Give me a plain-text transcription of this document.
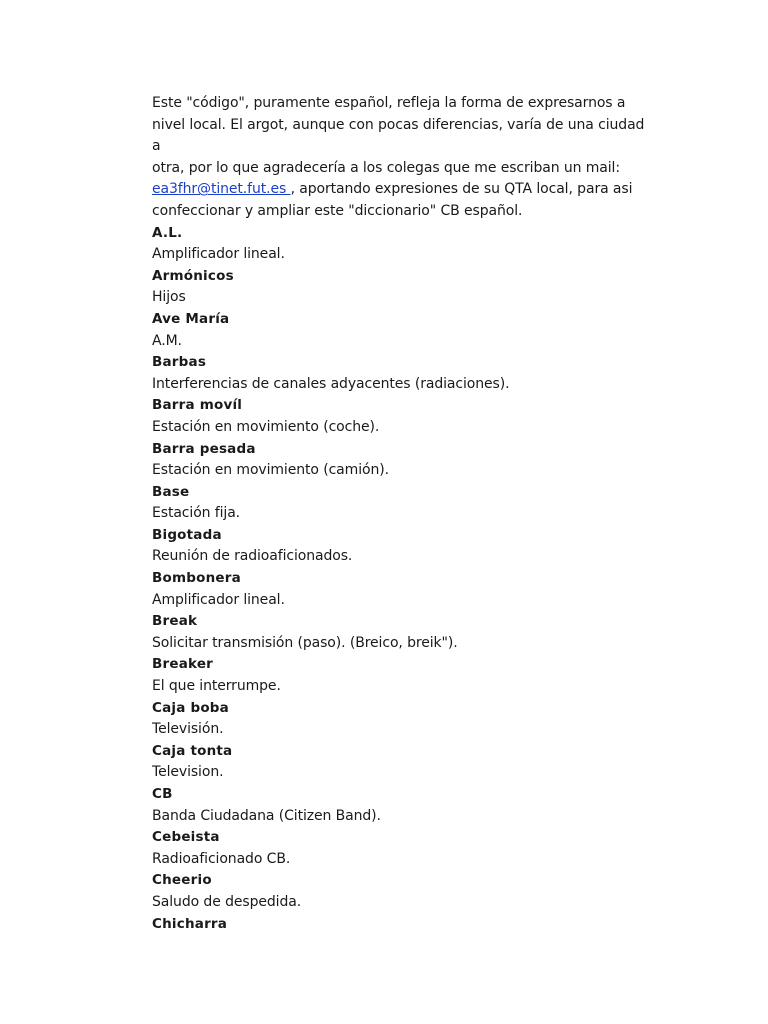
Este "código", puramente español, refleja la forma de expresarnos a
nivel local. El argot, aunque con pocas diferencias, varía de una ciudad a
otra, por lo que agradecería a los colegas que me escriban un mail:
ea3fhr@tinet.fut.es , aportando expresiones de su QTA local, para asi
confeccionar y ampliar este "diccionario" CB español.

A.L.
Amplificador lineal.
Armónicos
Hijos
Ave María
A.M.
Barbas
Interferencias de canales adyacentes (radiaciones).
Barra movíl
Estación en movimiento (coche).
Barra pesada
Estación en movimiento (camión).
Base
Estación fija.
Bigotada
Reunión de radioaficionados.
Bombonera
Amplificador lineal.
Break
Solicitar transmisión (paso). (Breico, breik").
Breaker
El que interrumpe.
Caja boba
Televisión.
Caja tonta
Television.
CB
Banda Ciudadana (Citizen Band).
Cebeista
Radioaficionado CB.
Cheerio
Saludo de despedida.
Chicharra
